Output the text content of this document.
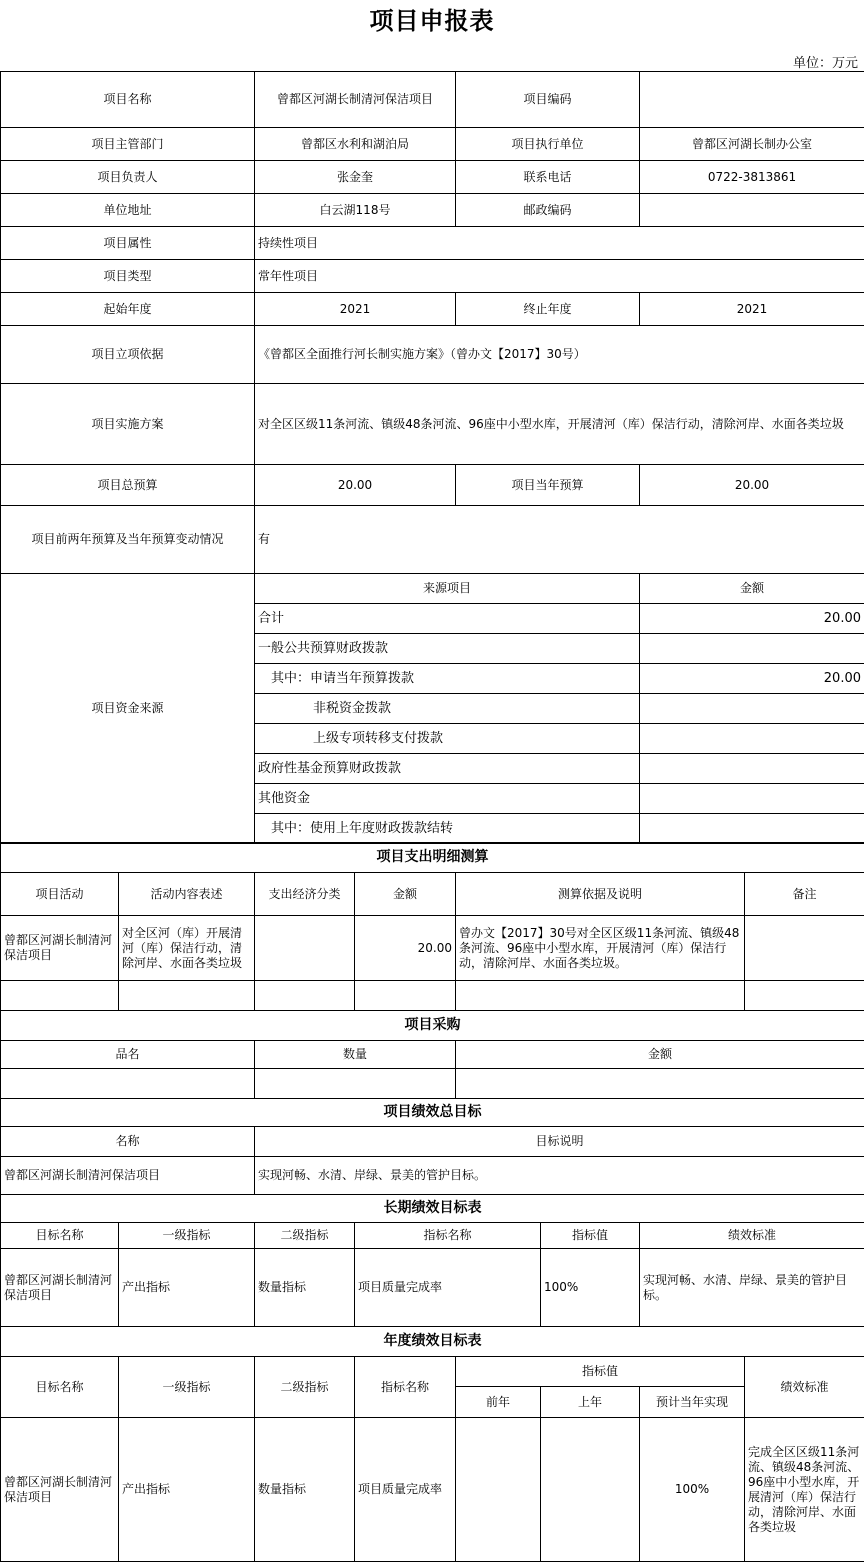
项目申报表
单位：万元
项目名称	曾都区河湖长制清河保洁项目	项目编码	
项目主管部门	曾都区水利和湖泊局	项目执行单位	曾都区河湖长制办公室
项目负责人	张金奎	联系电话	0722-3813861
单位地址	白云湖118号	邮政编码	
项目属性	持续性项目		
项目类型	常年性项目		
起始年度	2021	终止年度	2021
项目立项依据	《曾都区全面推行河长制实施方案》（曾办文【2017】30号）		
项目实施方案	对全区区级11条河流、镇级48条河流、96座中小型水库，开展清河（库）保洁行动，清除河岸、水面各类垃圾		
项目总预算	20.00	项目当年预算	20.00
项目前两年预算及当年预算变动情况	有		
项目资金来源	来源项目		金额
	合计		20.00
	一般公共预算财政拨款		
	其中：申请当年预算拨款		20.00
	非税资金拨款		
	上级专项转移支付拨款		
	政府性基金预算财政拨款		
	其他资金		
	其中：使用上年度财政拨款结转		
项目支出明细测算					
项目活动	活动内容表述	支出经济分类	金额	测算依据及说明	备注
曾都区河湖长制清河保洁项目	对全区河（库）开展清河（库）保洁行动，清除河岸、水面各类垃圾		20.00	曾办文【2017】30号对全区区级11条河流、镇级48条河流、96座中小型水库，开展清河（库）保洁行动，清除河岸、水面各类垃圾。	

项目采购		
品名	数量	金额

项目绩效总目标	
名称	目标说明
曾都区河湖长制清河保洁项目	实现河畅、水清、岸绿、景美的管护目标。
长期绩效目标表					
目标名称	一级指标	二级指标	指标名称	指标值	绩效标准
曾都区河湖长制清河保洁项目	产出指标	数量指标	项目质量完成率	100%	实现河畅、水清、岸绿、景美的管护目标。
年度绩效目标表							
目标名称	一级指标	二级指标	指标名称	指标值			绩效标准
				前年	上年	预计当年实现	
曾都区河湖长制清河保洁项目	产出指标	数量指标	项目质量完成率			100%	完成全区区级11条河流、镇级48条河流、96座中小型水库，开展清河（库）保洁行动，清除河岸、水面各类垃圾
